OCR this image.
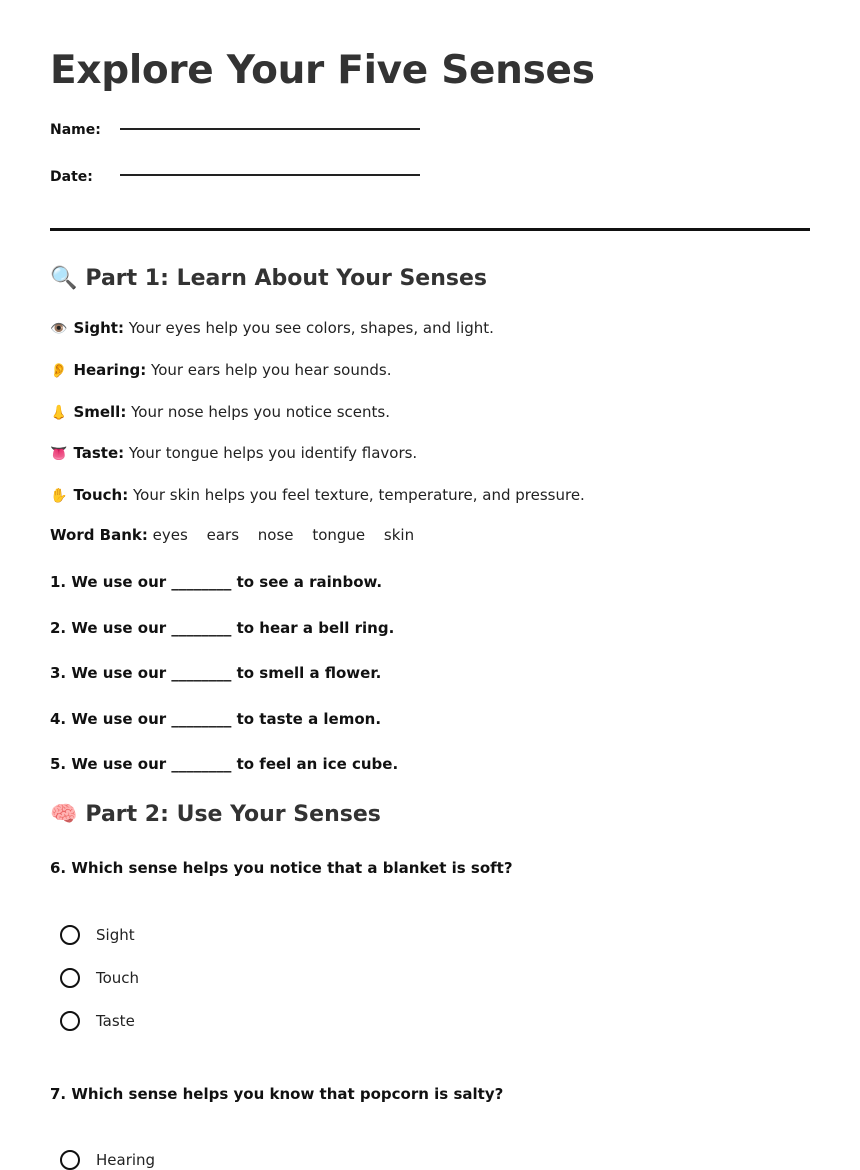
Explore Your Five Senses
Name:
Date:
🔍 Part 1: Learn About Your Senses
👁️ Sight: Your eyes help you see colors, shapes, and light.
👂 Hearing: Your ears help you hear sounds.
👃 Smell: Your nose helps you notice scents.
👅 Taste: Your tongue helps you identify flavors.
✋ Touch: Your skin helps you feel texture, temperature, and pressure.
Word Bank: eyes ears nose tongue skin
1. We use our ________ to see a rainbow.
2. We use our ________ to hear a bell ring.
3. We use our ________ to smell a flower.
4. We use our ________ to taste a lemon.
5. We use our ________ to feel an ice cube.
🧠 Part 2: Use Your Senses
6. Which sense helps you notice that a blanket is soft?
Sight
Touch
Taste
7. Which sense helps you know that popcorn is salty?
Hearing
